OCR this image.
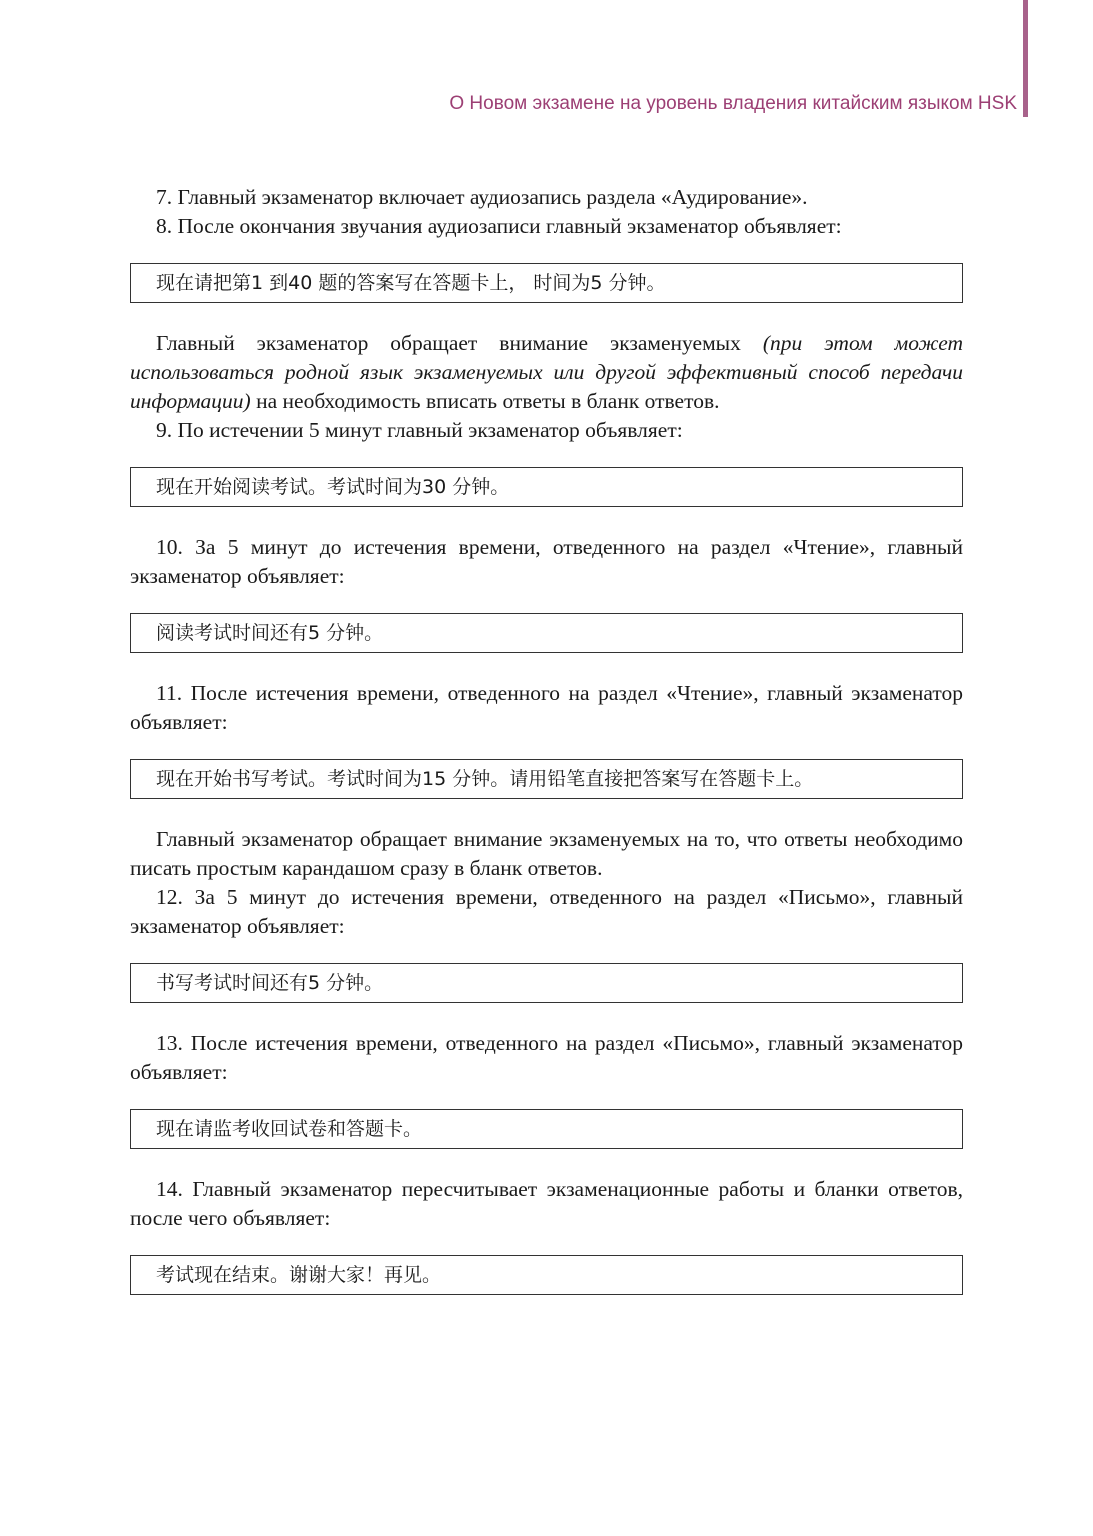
О Новом экзамене на уровень владения китайским языком HSK

7. Главный экзаменатор включает аудиозапись раздела «Аудирование».

8. После окончания звучания аудиозаписи главный экзаменатор объявляет:

现在请把第1 到40 题的答案写在答题卡上， 时间为5 分钟。

Главный экзаменатор обращает внимание экзаменуемых (при этом может использоваться родной язык экзаменуемых или другой эффективный способ передачи информации) на необходимость вписать ответы в бланк ответов.

9. По истечении 5 минут главный экзаменатор объявляет:

现在开始阅读考试。考试时间为30 分钟。

10. За 5 минут до истечения времени, отведенного на раздел «Чтение», главный экзаменатор объявляет:

阅读考试时间还有5 分钟。

11. После истечения времени, отведенного на раздел «Чтение», главный экзаменатор объявляет:

现在开始书写考试。考试时间为15 分钟。请用铅笔直接把答案写在答题卡上。

Главный экзаменатор обращает внимание экзаменуемых на то, что ответы необходимо писать простым карандашом сразу в бланк ответов.

12. За 5 минут до истечения времени, отведенного на раздел «Письмо», главный экзаменатор объявляет:

书写考试时间还有5 分钟。

13. После истечения времени, отведенного на раздел «Письмо», главный экзаменатор объявляет:

现在请监考收回试卷和答题卡。

14. Главный экзаменатор пересчитывает экзаменационные работы и бланки ответов, после чего объявляет:

考试现在结束。谢谢大家！再见。
